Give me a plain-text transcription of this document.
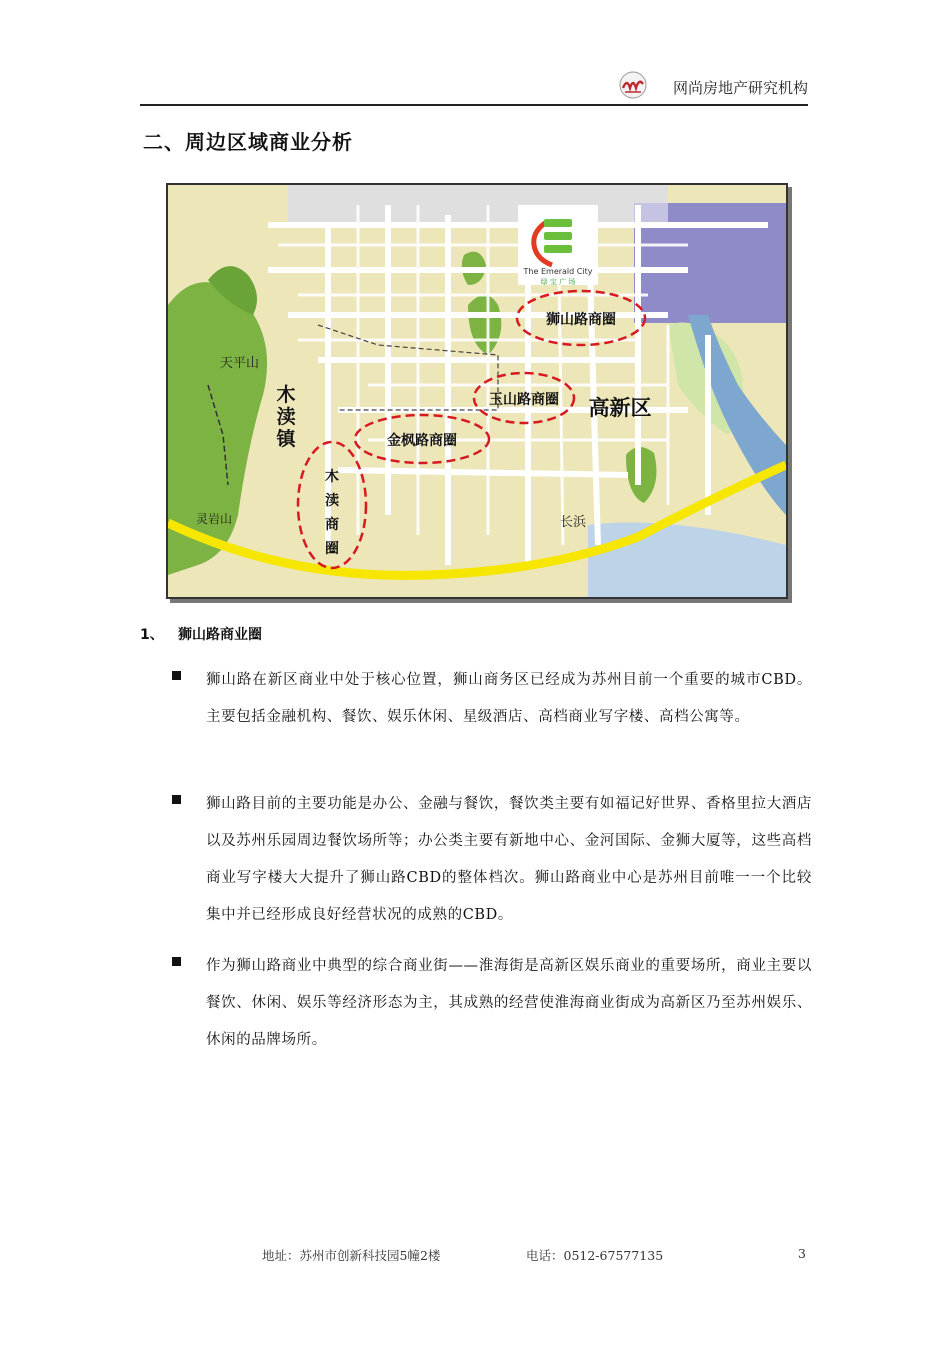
网尚房地产研究机构
二、周边区域商业分析
The Emerald City
绿 宝 广 场
狮山路商圈
玉山路商圈
金枫路商圈
木渎商圈
高新区
木渎镇
天平山
灵岩山	长浜
1、 狮山路商业圈

狮山路在新区商业中处于核心位置，狮山商务区已经成为苏州目前一个重要的城市CBD。主要包括金融机构、餐饮、娱乐休闲、星级酒店、高档商业写字楼、高档公寓等。

狮山路目前的主要功能是办公、金融与餐饮，餐饮类主要有如福记好世界、香格里拉大酒店以及苏州乐园周边餐饮场所等；办公类主要有新地中心、金河国际、金狮大厦等，这些高档商业写字楼大大提升了狮山路CBD的整体档次。狮山路商业中心是苏州目前唯一一个比较集中并已经形成良好经营状况的成熟的CBD。

作为狮山路商业中典型的综合商业街——淮海街是高新区娱乐商业的重要场所，商业主要以餐饮、休闲、娱乐等经济形态为主，其成熟的经营使淮海商业街成为高新区乃至苏州娱乐、休闲的品牌场所。

地址：苏州市创新科技园5幢2楼	电话：0512-67577135	3
